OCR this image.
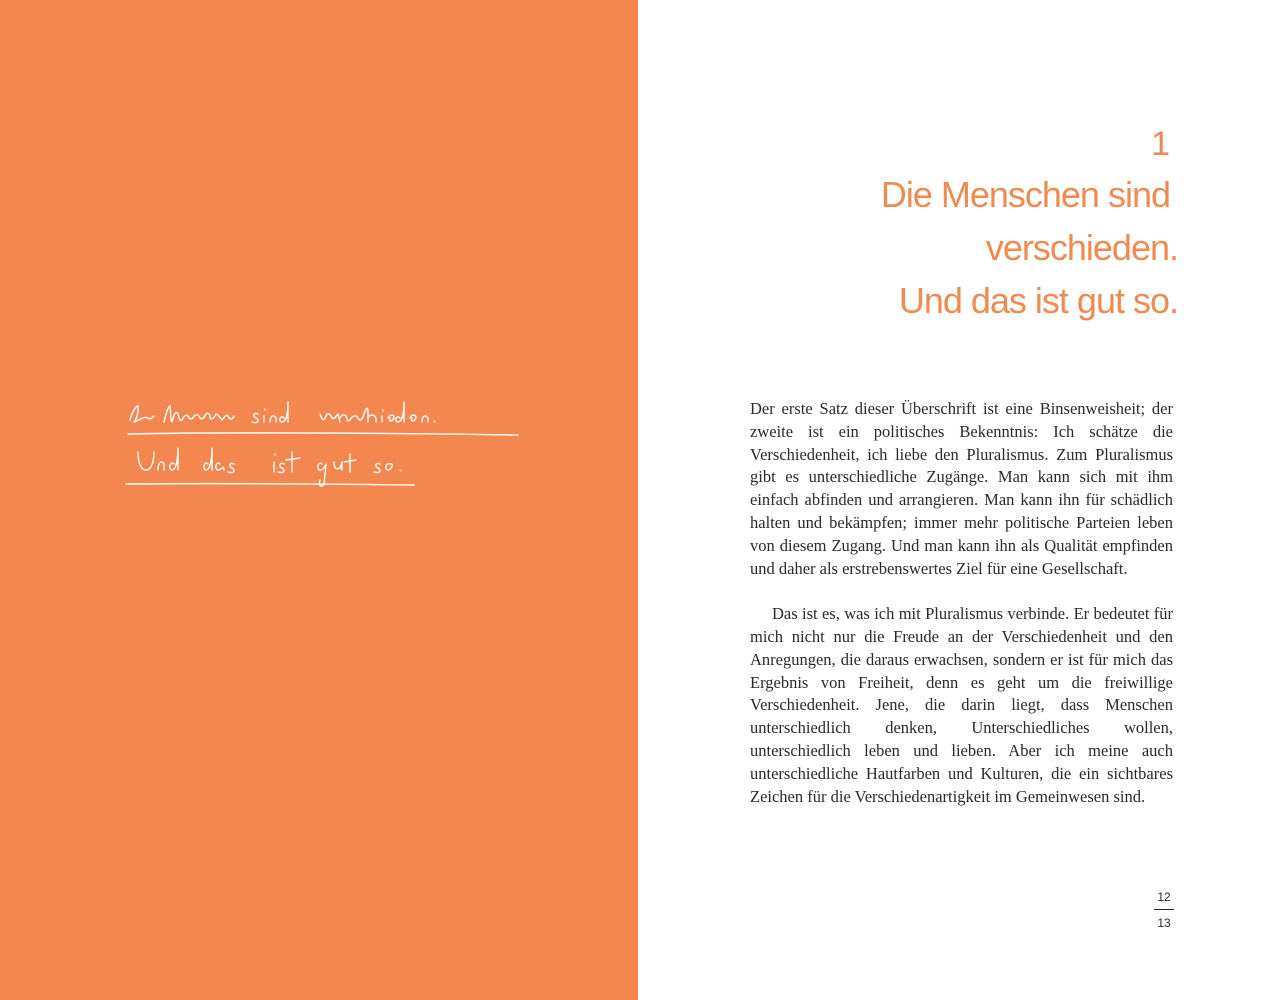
1
Die Menschen sind
verschieden.
Und das ist gut so.

Der erste Satz dieser Überschrift ist eine Binsenweisheit; der zweite ist ein politisches Bekenntnis: Ich schätze die Verschiedenheit, ich liebe den Pluralismus. Zum Pluralismus gibt es unterschiedliche Zugänge. Man kann sich mit ihm einfach abfinden und arrangieren. Man kann ihn für schädlich halten und bekämpfen; immer mehr politische Parteien leben von diesem Zugang. Und man kann ihn als Qualität empfinden und daher als erstrebenswertes Ziel für eine Gesellschaft.

Das ist es, was ich mit Pluralismus verbinde. Er bedeutet für mich nicht nur die Freude an der Verschiedenheit und den Anregungen, die daraus erwachsen, sondern er ist für mich das Ergebnis von Freiheit, denn es geht um die freiwillige Verschiedenheit. Jene, die darin liegt, dass Menschen unterschiedlich denken, Unterschiedliches wollen, unterschiedlich leben und lieben. Aber ich meine auch unterschiedliche Hautfarben und Kulturen, die ein sichtbares Zeichen für die Verschiedenartigkeit im Gemeinwesen sind.

12
13
